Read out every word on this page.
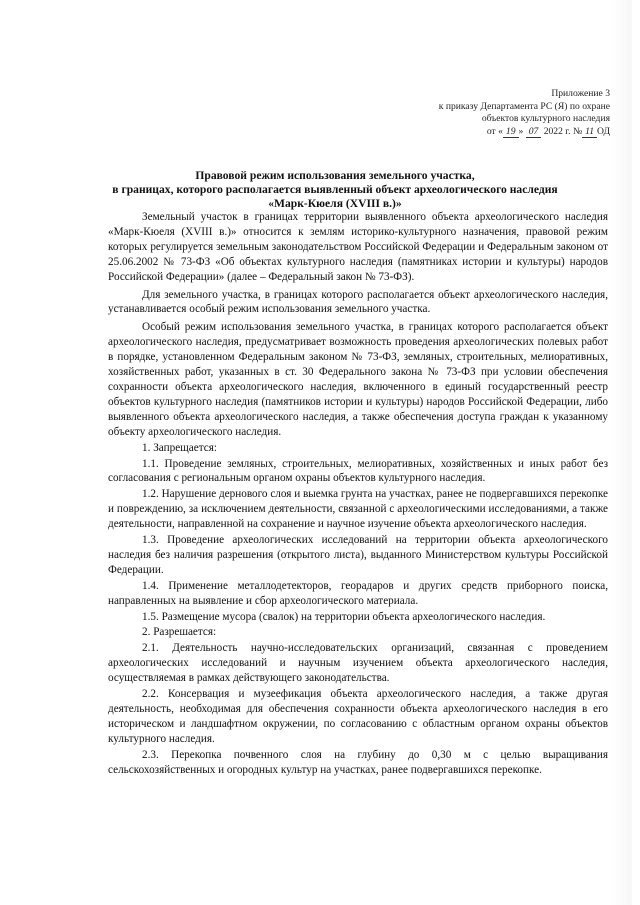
Приложение 3
к приказу Департамента РС (Я) по охране
объектов культурного наследия
от « 19 » 07 2022 г. № 11 ОД
Правовой режим использования земельного участка,
в границах, которого располагается выявленный объект археологического наследия
«Марк-Кюеля (XVIII в.)»

Земельный участок в границах территории выявленного объекта археологического наследия «Марк-Кюеля (XVIII в.)» относится к землям историко-культурного назначения, правовой режим которых регулируется земельным законодательством Российской Федерации и Федеральным законом от 25.06.2002 № 73-ФЗ «Об объектах культурного наследия (памятниках истории и культуры) народов Российской Федерации» (далее – Федеральный закон № 73-ФЗ).

Для земельного участка, в границах которого располагается объект археологического наследия, устанавливается особый режим использования земельного участка.

Особый режим использования земельного участка, в границах которого располагается объект археологического наследия, предусматривает возможность проведения археологических полевых работ в порядке, установленном Федеральным законом № 73-ФЗ, земляных, строительных, мелиоративных, хозяйственных работ, указанных в ст. 30 Федерального закона № 73-ФЗ при условии обеспечения сохранности объекта археологического наследия, включенного в единый государственный реестр объектов культурного наследия (памятников истории и культуры) народов Российской Федерации, либо выявленного объекта археологического наследия, а также обеспечения доступа граждан к указанному объекту археологического наследия.

1. Запрещается:

1.1. Проведение земляных, строительных, мелиоративных, хозяйственных и иных работ без согласования с региональным органом охраны объектов культурного наследия.

1.2. Нарушение дернового слоя и выемка грунта на участках, ранее не подвергавшихся перекопке и повреждению, за исключением деятельности, связанной с археологическими исследованиями, а также деятельности, направленной на сохранение и научное изучение объекта археологического наследия.

1.3. Проведение археологических исследований на территории объекта археологического наследия без наличия разрешения (открытого листа), выданного Министерством культуры Российской Федерации.

1.4. Применение металлодетекторов, георадаров и других средств приборного поиска, направленных на выявление и сбор археологического материала.

1.5. Размещение мусора (свалок) на территории объекта археологического наследия.

2. Разрешается:

2.1. Деятельность научно-исследовательских организаций, связанная с проведением археологических исследований и научным изучением объекта археологического наследия, осуществляемая в рамках действующего законодательства.

2.2. Консервация и музеефикация объекта археологического наследия, а также другая деятельность, необходимая для обеспечения сохранности объекта археологического наследия в его историческом и ландшафтном окружении, по согласованию с областным органом охраны объектов культурного наследия.

2.3. Перекопка почвенного слоя на глубину до 0,30 м с целью выращивания сельскохозяйственных и огородных культур на участках, ранее подвергавшихся перекопке.
